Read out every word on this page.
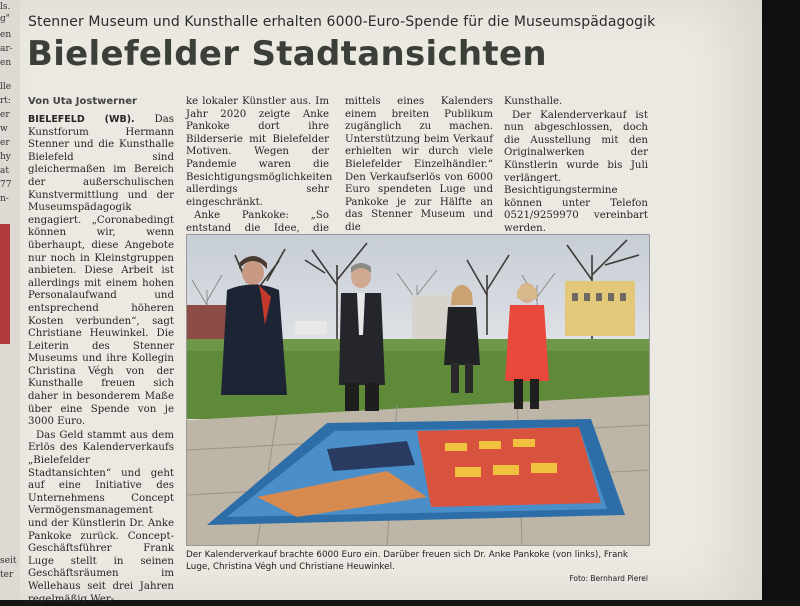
ls.
g"
en
ar-
en
lle
rt:
er
w
er
hy
at
77
n-
seit
ter
Stenner Museum und Kunsthalle erhalten 6000-Euro-Spende für die Museumspädagogik
Bielefelder Stadtansichten
Von Uta Jostwerner

BIELEFELD (WB). Das Kunstforum Hermann Stenner und die Kunsthalle Bielefeld sind gleichermaßen im Bereich der außerschulischen Kunstvermittlung und der Museumspädagogik engagiert. „Coronabedingt können wir, wenn überhaupt, diese Angebote nur noch in Kleinstgruppen anbieten. Diese Arbeit ist allerdings mit einem hohen Personalaufwand und entsprechend höheren Kosten verbunden“, sagt Christiane Heuwinkel. Die Leiterin des Stenner Museums und ihre Kollegin Christina Végh von der Kunsthalle freuen sich daher in besonderem Maße über eine Spende von je 3000 Euro.

Das Geld stammt aus dem Erlös des Kalenderverkaufs „Bielefelder Stadtansichten“ und geht auf eine Initiative des Unternehmens Concept Vermögensmanagement und der Künstlerin Dr. Anke Pankoke zurück. Concept-Geschäftsführer Frank Luge stellt in seinen Geschäftsräumen im Wellehaus seit drei Jahren regelmäßig Wer-

ke lokaler Künstler aus. Im Jahr 2020 zeigte Anke Pankoke dort ihre Bilderserie mit Bielefelder Motiven. Wegen der Pandemie waren die Besichtigungsmöglichkeiten allerdings sehr eingeschränkt.

Anke Pankoke: „So entstand die Idee, die

mittels eines Kalenders einem breiten Publikum zugänglich zu machen. Unterstützung beim Verkauf erhielten wir durch viele Bielefelder Einzelhändler.“ Den Verkaufserlös von 6000 Euro spendeten Luge und Pankoke je zur Hälfte an das Stenner Museum und die

Kunsthalle.

Der Kalenderverkauf ist nun abgeschlossen, doch die Ausstellung mit den Originalwerken der Künstlerin wurde bis Juli verlängert. Besichtigungstermine können unter Telefon 0521/9259970 vereinbart werden.

Der Kalenderverkauf brachte 6000 Euro ein. Darüber freuen sich Dr. Anke Pankoke (von links), Frank Luge, Christina Végh und Christiane Heuwinkel.
Foto: Bernhard Pierel
